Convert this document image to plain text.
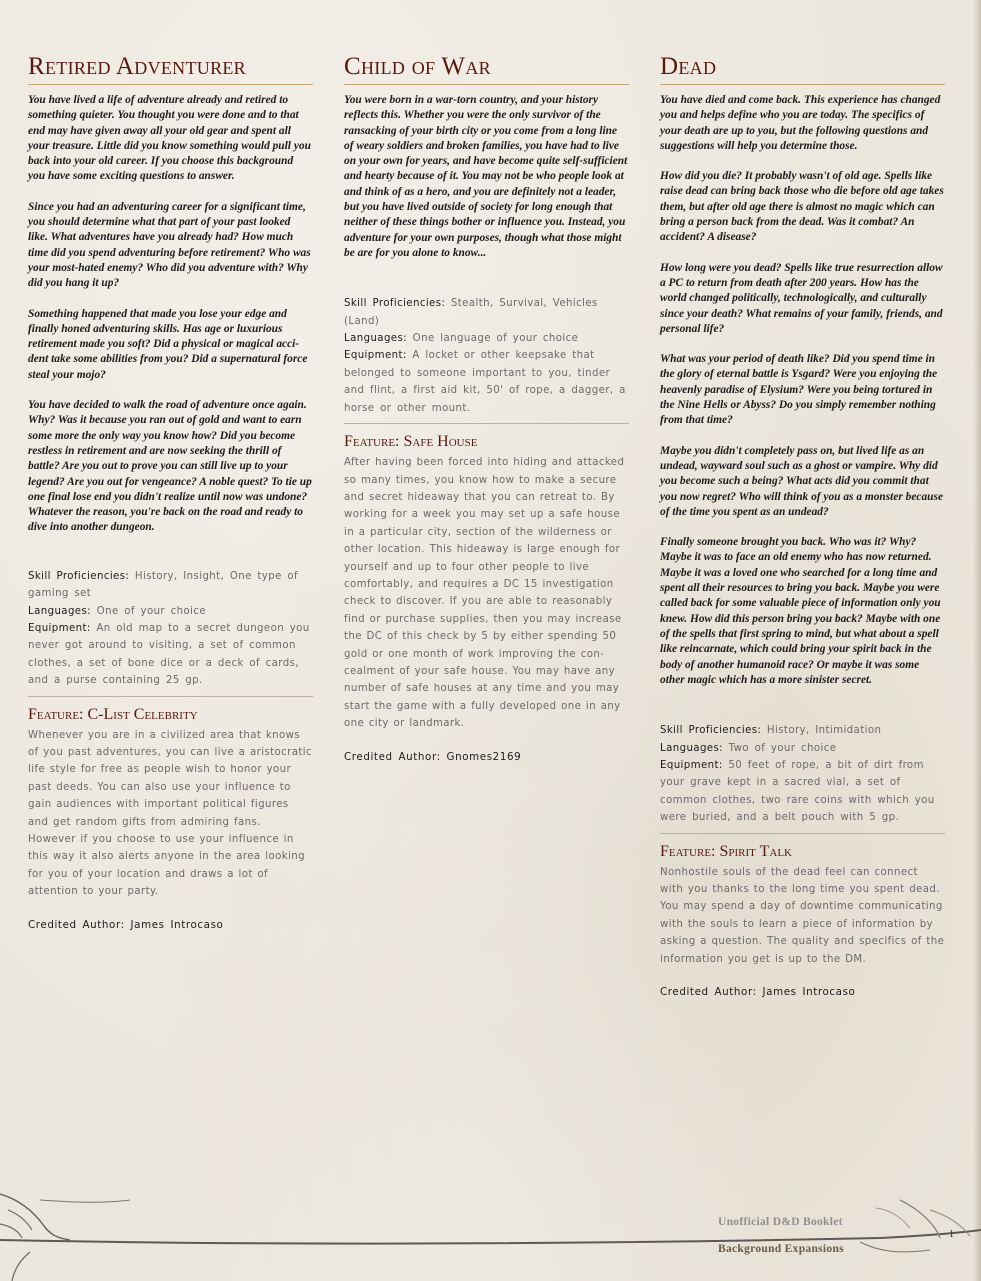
Retired Adventurer

You have lived a life of adventure already and retired to something quieter. You thought you were done and to that end may have given away all your old gear and spent all your treasure. Little did you know something would pull you back into your old career. If you choose this background you have some exciting questions to answer.

Since you had an adventuring career for a significant time, you should determine what that part of your past looked like. What adventures have you already had? How much time did you spend adventuring before retirement? Who was your most-hated enemy? Who did you adventure with? Why did you hang it up?

Something happened that made you lose your edge and finally honed adventuring skills. Has age or luxurious retirement made you soft? Did a physical or magical accident take some abilities from you? Did a supernatural force steal your mojo?

You have decided to walk the road of adventure once again. Why? Was it because you ran out of gold and want to earn some more the only way you know how? Did you become restless in retirement and are now seeking the thrill of battle? Are you out to prove you can still live up to your legend? Are you out for vengeance? A noble quest? To tie up one final lose end you didn't realize until now was undone? Whatever the reason, you're back on the road and ready to dive into another dungeon.

Skill Proficiencies: History, Insight, One type of gaming set

Languages: One of your choice

Equipment: An old map to a secret dungeon you never got around to visiting, a set of common clothes, a set of bone dice or a deck of cards, and a purse containing 25 gp.

Feature: C-List Celebrity

Whenever you are in a civilized area that knows of you past adventures, you can live a aristocratic life style for free as people wish to honor your past deeds. You can also use your influence to gain audiences with important political figures and get random gifts from admiring fans. However if you choose to use your influence in this way it also alerts anyone in the area looking for you of your location and draws a lot of attention to your party.

Credited Author: James Introcaso

Child of War

You were born in a war-torn country, and your history reflects this. Whether you were the only survivor of the ransacking of your birth city or you come from a long line of weary soldiers and broken families, you have had to live on your own for years, and have become quite self-sufficient and hearty because of it. You may not be who people look at and think of as a hero, and you are definitely not a leader, but you have lived outside of society for long enough that neither of these things bother or influence you. Instead, you adventure for your own purposes, though what those might be are for you alone to know...

Skill Proficiencies: Stealth, Survival, Vehicles (Land)

Languages: One language of your choice

Equipment: A locket or other keepsake that belonged to someone important to you, tinder and flint, a first aid kit, 50' of rope, a dagger, a horse or other mount.

Feature: Safe House

After having been forced into hiding and attacked so many times, you know how to make a secure and secret hideaway that you can retreat to. By working for a week you may set up a safe house in a particular city, section of the wilderness or other location. This hideaway is large enough for yourself and up to four other people to live comfortably, and requires a DC 15 investigation check to discover. If you are able to reasonably find or purchase supplies, then you may increase the DC of this check by 5 by either spending 50 gold or one month of work improving the concealment of your safe house. You may have any number of safe houses at any time and you may start the game with a fully developed one in any one city or landmark.

Credited Author: Gnomes2169

Dead

You have died and come back. This experience has changed you and helps define who you are today. The specifics of your death are up to you, but the following questions and suggestions will help you determine those.

How did you die? It probably wasn't of old age. Spells like raise dead can bring back those who die before old age takes them, but after old age there is almost no magic which can bring a person back from the dead. Was it combat? An accident? A disease?

How long were you dead? Spells like true resurrection allow a PC to return from death after 200 years. How has the world changed politically, technologically, and culturally since your death? What remains of your family, friends, and personal life?

What was your period of death like? Did you spend time in the glory of eternal battle is Ysgard? Were you enjoying the heavenly paradise of Elysium? Were you being tortured in the Nine Hells or Abyss? Do you simply remember nothing from that time?

Maybe you didn't completely pass on, but lived life as an undead, wayward soul such as a ghost or vampire. Why did you become such a being? What acts did you commit that you now regret? Who will think of you as a monster because of the time you spent as an undead?

Finally someone brought you back. Who was it? Why? Maybe it was to face an old enemy who has now returned. Maybe it was a loved one who searched for a long time and spent all their resources to bring you back. Maybe you were called back for some valuable piece of information only you knew. How did this person bring you back? Maybe with one of the spells that first spring to mind, but what about a spell like reincarnate, which could bring your spirit back in the body of another humanoid race? Or maybe it was some other magic which has a more sinister secret.

Skill Proficiencies: History, Intimidation

Languages: Two of your choice

Equipment: 50 feet of rope, a bit of dirt from your grave kept in a sacred vial, a set of common clothes, two rare coins with which you were buried, and a belt pouch with 5 gp.

Feature: Spirit Talk

Nonhostile souls of the dead feel can connect with you thanks to the long time you spent dead. You may spend a day of downtime communicating with the souls to learn a piece of information by asking a question. The quality and specifics of the information you get is up to the DM.

Credited Author: James Introcaso

Unofficial D&D Booklet
Background Expansions
1
